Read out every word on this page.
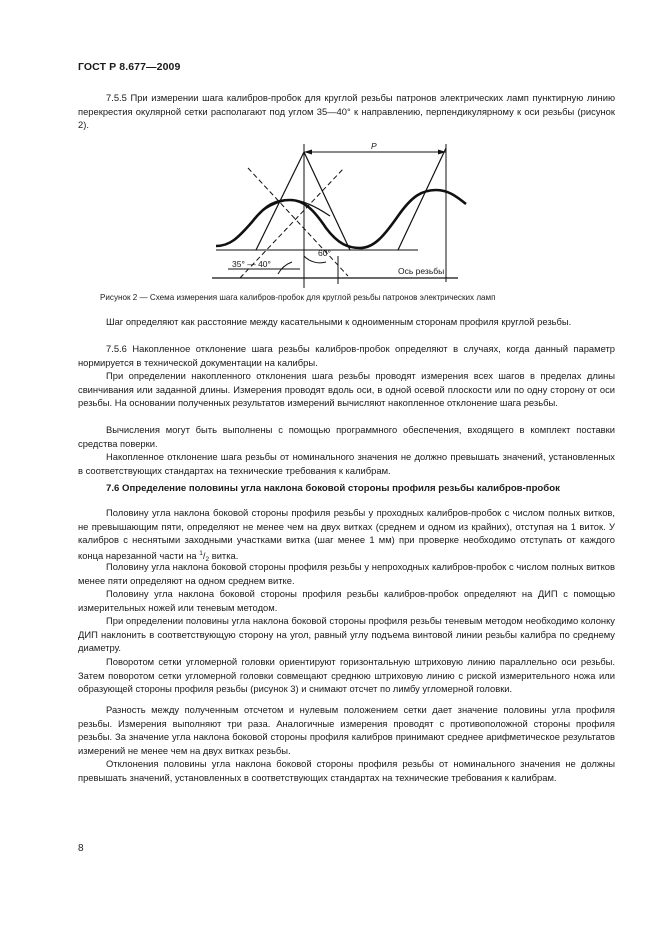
ГОСТ Р 8.677—2009

7.5.5 При измерении шага калибров-пробок для круглой резьбы патронов электрических ламп пунктирную линию перекрестия окулярной сетки располагают под углом 35—40° к направлению, перпендикулярному к оси резьбы (рисунок 2).

P
60°
35° — 40°
Ось резьбы
Рисунок 2 — Схема измерения шага калибров-пробок для круглой резьбы патронов электрических ламп

Шаг определяют как расстояние между касательными к одноименным сторонам профиля круглой резьбы.

7.5.6 Накопленное отклонение шага резьбы калибров-пробок определяют в случаях, когда данный параметр нормируется в технической документации на калибры.

При определении накопленного отклонения шага резьбы проводят измерения всех шагов в пределах длины свинчивания или заданной длины. Измерения проводят вдоль оси, в одной осевой плоскости или по одну сторону от оси резьбы. На основании полученных результатов измерений вычисляют накопленное отклонение шага резьбы.

Вычисления могут быть выполнены с помощью программного обеспечения, входящего в комплект поставки средства поверки.

Накопленное отклонение шага резьбы от номинального значения не должно превышать значений, установленных в соответствующих стандартах на технические требования к калибрам.

7.6 Определение половины угла наклона боковой стороны профиля резьбы калибров-пробок

Половину угла наклона боковой стороны профиля резьбы у проходных калибров-пробок с числом полных витков, не превышающим пяти, определяют не менее чем на двух витках (среднем и одном из крайних), отступая на 1 виток. У калибров с неснятыми заходными участками витка (шаг менее 1 мм) при проверке необходимо отступать от каждого конца нарезанной части на $^1/_2$ витка.

Половину угла наклона боковой стороны профиля резьбы у непроходных калибров-пробок с числом полных витков менее пяти определяют на одном среднем витке.

Половину угла наклона боковой стороны профиля резьбы калибров-пробок определяют на ДИП с помощью измерительных ножей или теневым методом.

При определении половины угла наклона боковой стороны профиля резьбы теневым методом необходимо колонку ДИП наклонить в соответствующую сторону на угол, равный углу подъема винтовой линии резьбы калибра по среднему диаметру.

Поворотом сетки угломерной головки ориентируют горизонтальную штриховую линию параллельно оси резьбы. Затем поворотом сетки угломерной головки совмещают среднюю штриховую линию с риской измерительного ножа или образующей стороны профиля резьбы (рисунок 3) и снимают отсчет по лимбу угломерной головки.

Разность между полученным отсчетом и нулевым положением сетки дает значение половины угла профиля резьбы. Измерения выполняют три раза. Аналогичные измерения проводят с противоположной стороны профиля резьбы. За значение угла наклона боковой стороны профиля калибров принимают среднее арифметическое результатов измерений не менее чем на двух витках резьбы.

Отклонения половины угла наклона боковой стороны профиля резьбы от номинального значения не должны превышать значений, установленных в соответствующих стандартах на технические требования к калибрам.

8
